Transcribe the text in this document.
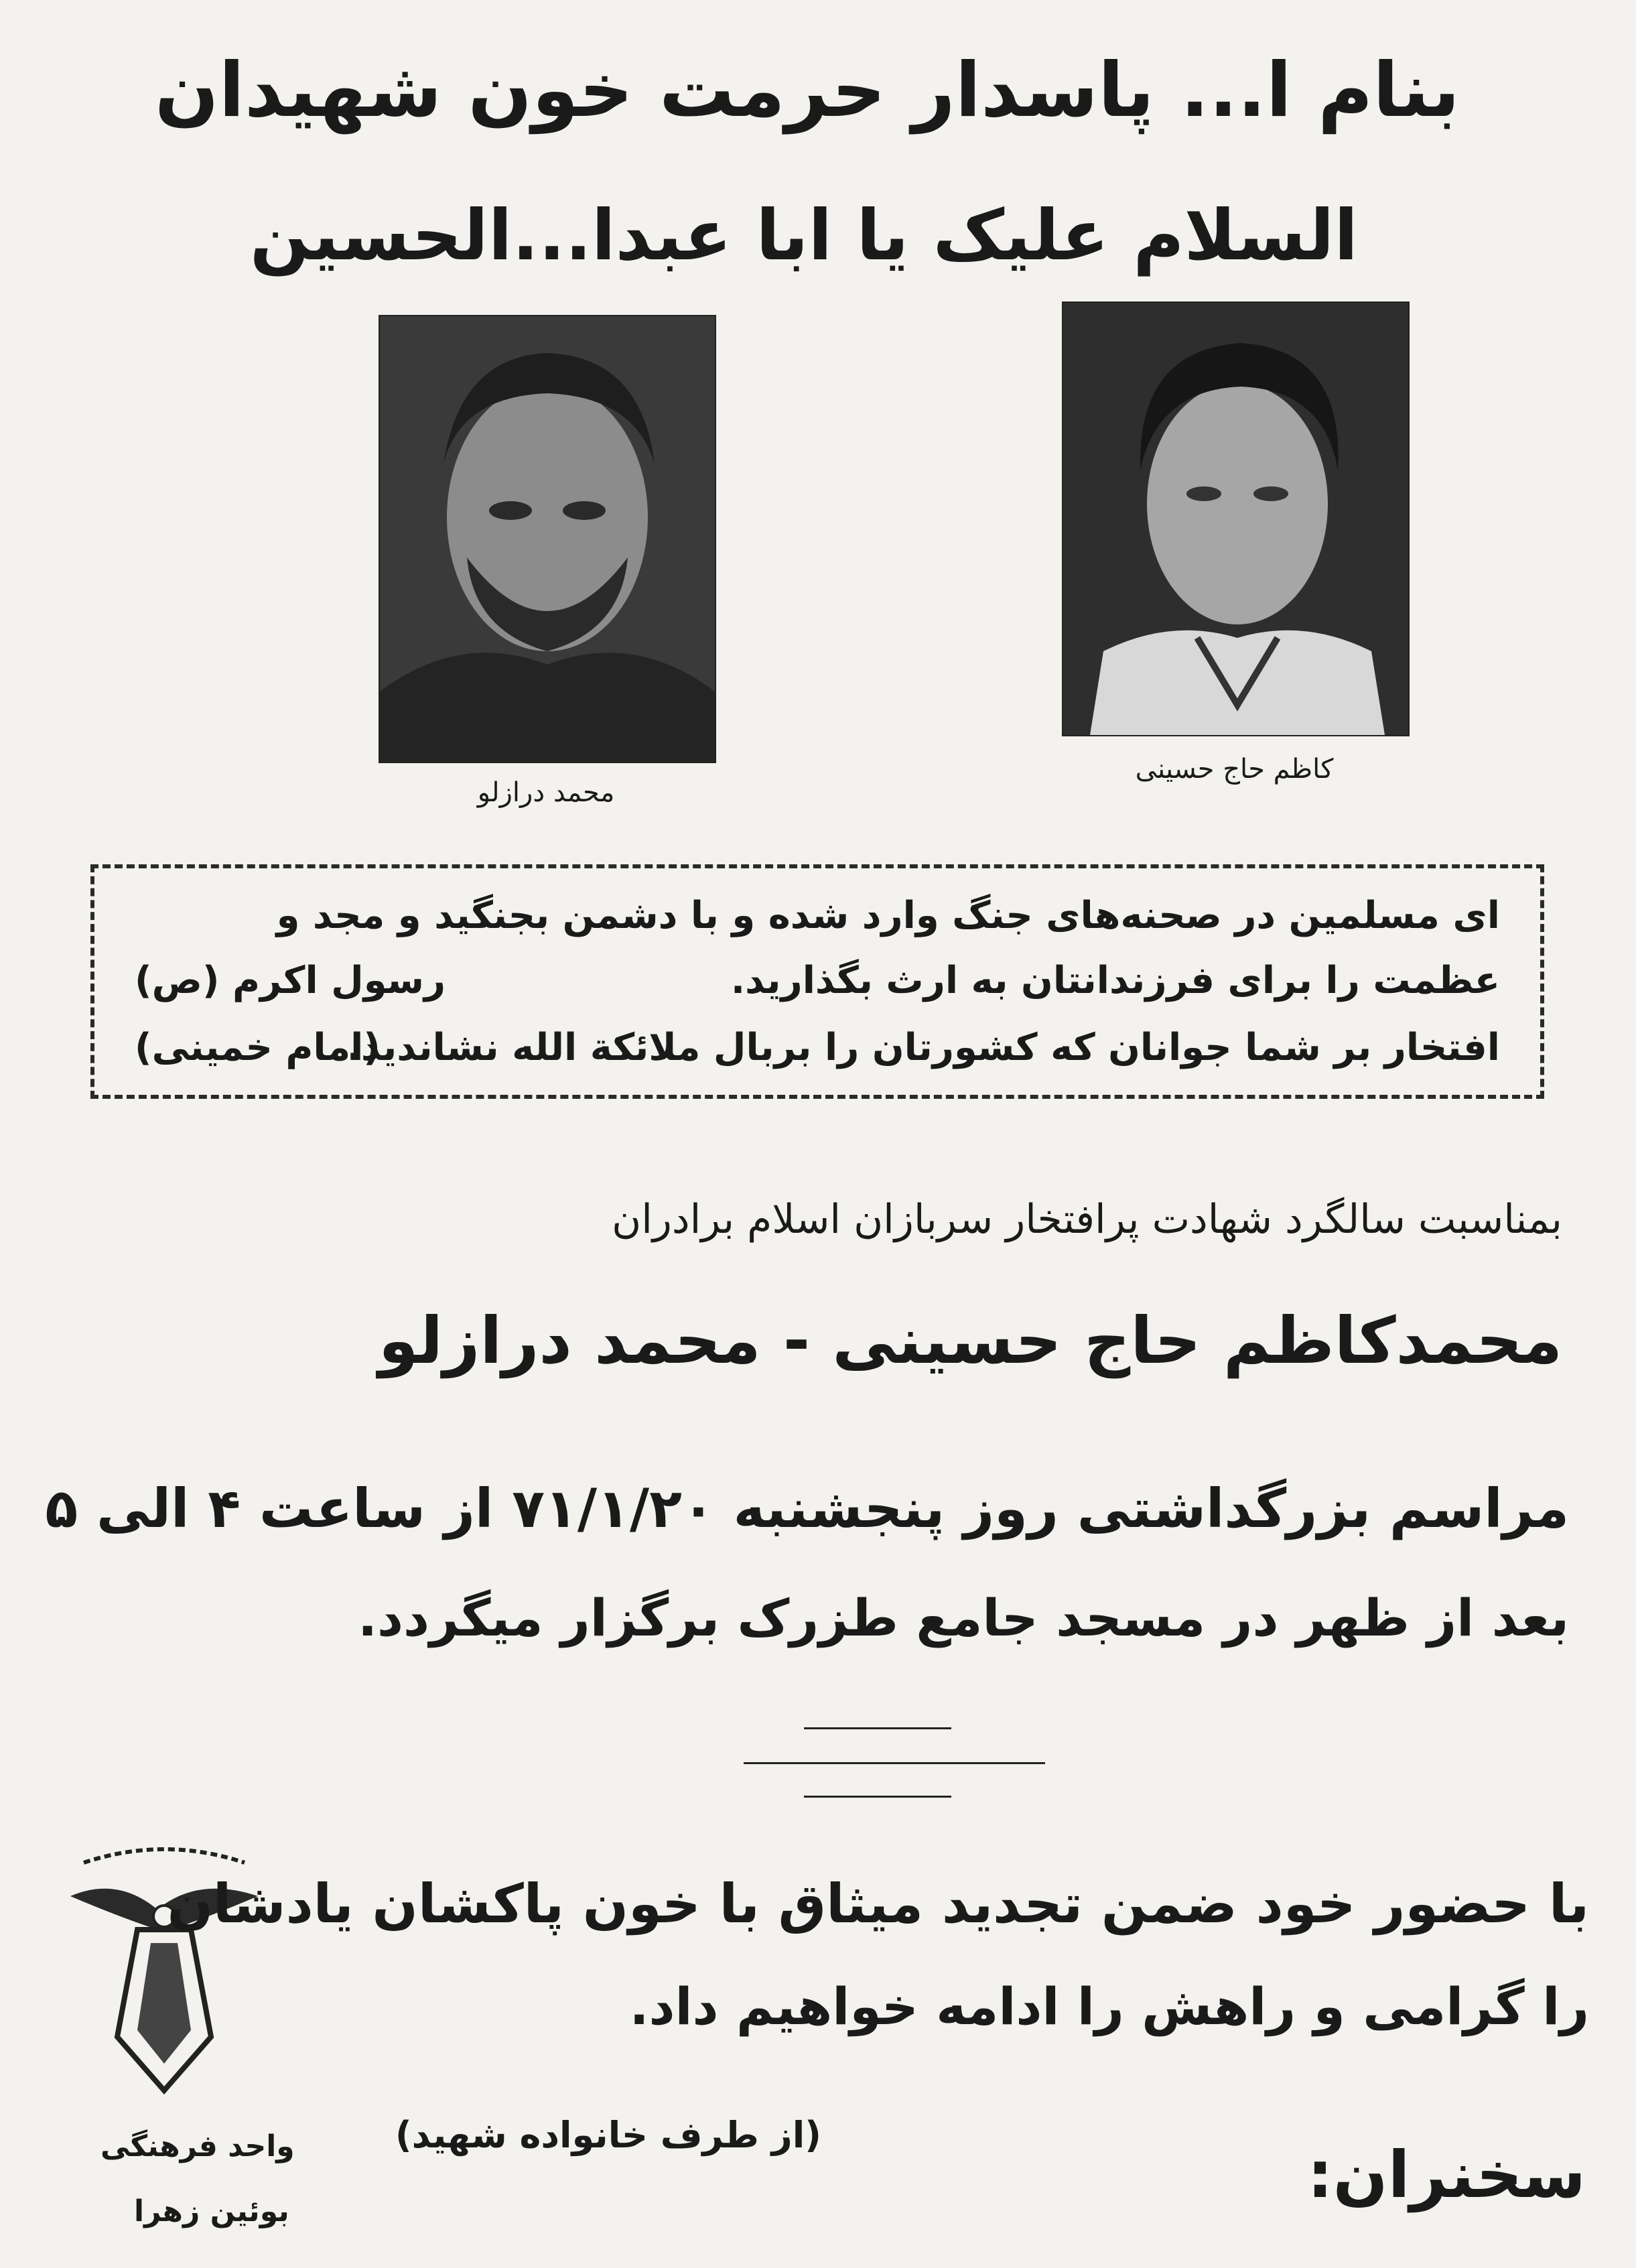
بنام ا... پاسدار حرمت خون شهیدان
السلام علیک یا ابا عبدا...الحسین
محمد درازلو
کاظم حاج حسینی
ای مسلمین در صحنه‌های جنگ وارد شده و با دشمن بجنگید و مجد و
عظمت را برای فرزندانتان به ارث بگذارید.
رسول اکرم (ص)
افتخار بر شما جوانان که کشورتان را بربال ملائکة الله نشاندید.
(امام خمینی)
بمناسبت سالگرد شهادت پرافتخار سربازان اسلام برادران
محمدکاظم حاج حسینی - محمد درازلو
مراسم بزرگداشتی روز پنجشنبه ۷۱/۱/۲۰ از ساعت ۴ الی ۵
بعد از ظهر در مسجد جامع طزرک برگزار میگردد.
با حضور خود ضمن تجدید میثاق با خون پاکشان یادشان
را گرامی و راهش را ادامه خواهیم داد.
(از طرف خانواده شهید)
سخنران:
واحد فرهنگی
بوئین زهرا
